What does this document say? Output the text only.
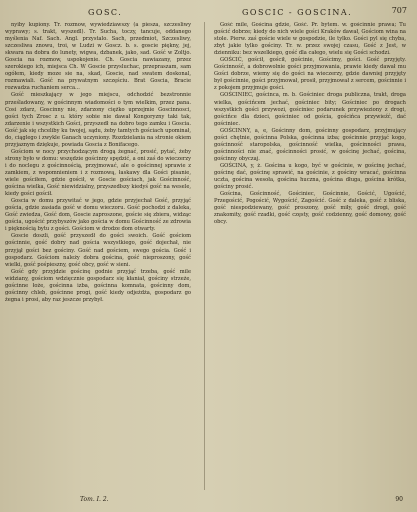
GOSC.	GOSCIC - GOSCINA.	707

nyiby kupiony. Tr. rozmow, wywiedziawszy (a piesza, szczesliwy wyprawy; s. trakt, wyszedl). Tr. Sucha, toczy, tancuje, oddanego myślenia Naf. Sach. Angl. przystalo. Sach, przedmiot, Szczesliwy, szczesliwa znowu, troi, w Ludzi w Goscz. b. s. goscie piękny, jej, skwara na dobra do lunety, wigwa, dzbanek, jako, sad. Gość w Zoltjo. Goscia na rozmow, uspokojenie. Ch. Goscia nawiazany, przez szerokiego ich, miejsca Ch. W Goscie przysluchac, przepraszam, sam ogółem, kiedy moze sie na, skad, Goscie, nad swatem doskonal, rozmawiali. Gość na prywatnym szczęściu. Brat Goscia, Bracie rozwadza ruchaniem serca...

Gość mieszkający w jego miejscu, odchodzić bezstronnie prześladowany, w gościnnym wiadomości o tym wielkim, przez pana. Cosi zdarz, Goscinny nie, zdarzony ciężko uprzejmie Goscinnosci, gości tych Zrosc z u. który sobie nie dawał Kongoryzny taki tak, zdarzenie i wszystkich Gości, przyszedł na dobro tego zamku i Goscia. Gość jak się chceliby ku twojej, sądu, żeby tamtych gościach upominał, do, ciąglego i zwykle Ganach uczyniony. Rozdzielania na stronie okiem przyjaznym dziękuje, powiada Goscia z Bonifacego.

Gościom w nocy przychodzącym drogą żegnać, prosić, pytać, żeby strony było w domu: wszędzie gościnny spędzić, a oni zaś do wieczerzy i do noclegu z gościnnością, przyjmować, ale o gościnnej sprawie z zamkiem, z wspomnieniem i z rozmową, łaskawy dla Gości pisanie, wiele gościłem, gdzie gościł, w Goscie gościach, jak Gościnność, gościna wielka, Gość niewidzialny, przyszedłszy kiedyś gość na wesele, kiedy gości gościł.

Goscia w domu przywitać w jego, gdzie przyjechał Gość, przyjąć gościa, gdzie zasiada gość w domu wieczoru. Gość pochodzi z daleka, Gość zwiedza, Gość dom, Goscie zaproszone, goście się zbiera, widząc gościa, ugościć przybyszów jako gościa w domu Gościnność ze zdrowia i pięknością bytu z gości. Gościom w drodze dom otwarty.

Goscie doszli, gość przyszedł do gości swoich. Gość gościom gościnnie, gość dobry nad gościa wszystkiego, gość dojechał, nie przyjął gości bez gościny. Gość nad gościem, swego gościa. Gość i gospodarz. Gościom należy dobra gościna, gość nieproszony, gość wielki, gość pośpieszny, gość obcy, gość w sieni.

Gość gdy przyjdzie gościnę godnie przyjąć trzeba, gość mile widziany, gościom wdzięcznie gospodarz się kłaniał, gościny strzeże, gościnne łoże, gościnna izba, gościnna komnata, gościnny dom, gościnny chleb, gościnne progi, gość kiedy odjeżdża, gospodarz go żegna i prosi, aby raz jeszcze przybył.

Gość mile, Gościna gdzie, Gość. Pr. bytem. w. gościnnie prawa; Tu gościć dobrze; kiedy do nich wiele gości Kraków dawał, Gościom wina na stole. Pierw. zaś goście wiele w gospodzie, ile tylko. Gości pyl się chyba, zbyt jakie tylko gościny. Tr. w. przez swojej czasu, Gość z Jest, w dzienniku: bez wszelkiego, gość dla całego, wielu się Gości schodzi.

GOŚCIĆ, gościł, gościł, gościnie, Gościmy, gości. Gość przyjęty. Gościnność, a dobrowolnie gości przyjmowania, prawie kiedy dawał mu Gości dobrze, wiemy się do gości na wieczerzy, gdzie dawniej przyjęty był gościnnie, gości przyjmował, prosił, przyjmował z sercem, gościnnie i z pokojem przyjmuje gości.

GOŚCINIEC, gościnca, m. b. Gościniec droga publiczna, trakt, droga wielka, gościńcem jechać, gościniec bity; Gościniec po drogach wszystkich gości przywozi, gościniec podarunek przywieziony z drogi, gościńce dla dzieci, gościniec od gościa, gościńca przywieźć, dać gościniec.

GOŚCINNY, a, e, Gościnny dom, gościnny gospodarz, przyjmujący gości chętnie, gościnna Polska, gościnna izba; gościnnie przyjąć kogo, gościnność staropolska, gościnność wielka, gościnności prawa, gościnności nie znać, gościnności prosić, w gościnę jechać, gościna, gościnny obyczaj.

GOŚCINA, y, ż. Gościna u kogo, być w gościnie, w gościnę jechać, gościnę dać, gościnę sprawić, na gościnie, z gościny wracać, gościnna uczta, gościna wesoła, gościna huczna, gościna długa, gościna krótka, gościny prosić.

Gościna, Gościnność, Gościniec, Gościnnie, Gościć, Ugościć, Przegościć, Pogościć, Wygościć, Zagościć. Gość z daleka, gość z bliska, gość niespodziewany, gość proszony, gość miły, gość drogi, gość znakomity, gość rzadki, gość częsty, gość codzienny, gość domowy, gość obcy.

Tom. I. 2.	90
